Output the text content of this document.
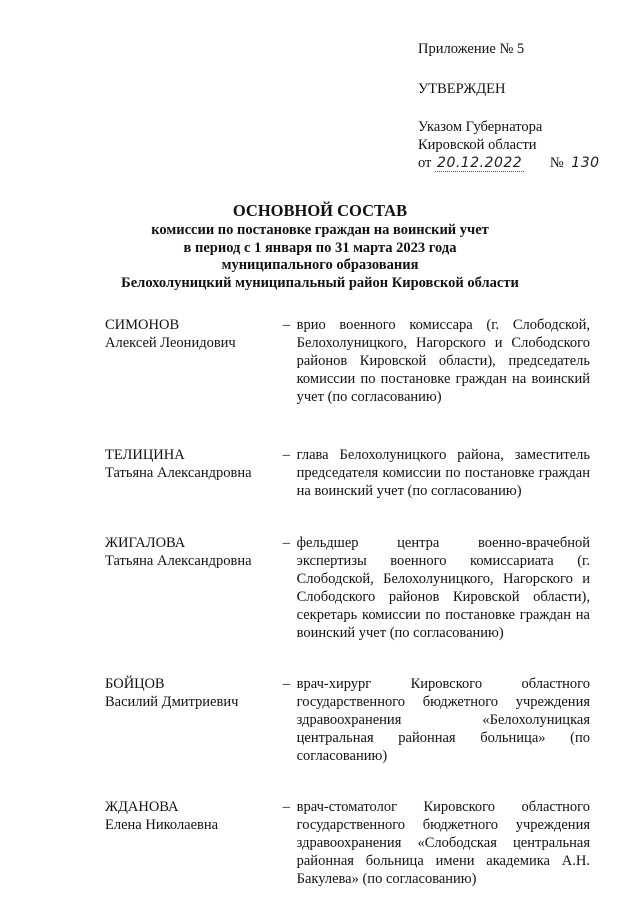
Приложение № 5
УТВЕРЖДЕН
Указом Губернатора
Кировской области
от 20.12.2022 № 130
ОСНОВНОЙ СОСТАВ
комиссии по постановке граждан на воинский учет
в период с 1 января по 31 марта 2023 года
муниципального образования
Белохолуницкий муниципальный район Кировской области
СИМОНОВ
Алексей Леонидович
– врио военного комиссара (г. Слободской, Белохолуницкого, Нагорского и Слободского районов Кировской области), председатель комиссии по постановке граждан на воинский учет (по согласованию)
ТЕЛИЦИНА
Татьяна Александровна
– глава Белохолуницкого района, заместитель председателя комиссии по постановке граждан на воинский учет (по согласованию)
ЖИГАЛОВА
Татьяна Александровна
– фельдшер центра военно-врачебной экспертизы военного комиссариата (г. Слободской, Белохолуницкого, Нагорского и Слободского районов Кировской области), секретарь комиссии по постановке граждан на воинский учет (по согласованию)
БОЙЦОВ
Василий Дмитриевич
– врач-хирург Кировского областного государственного бюджетного учреждения здравоохранения «Белохолуницкая центральная районная больница» (по согласованию)
ЖДАНОВА
Елена Николаевна
– врач-стоматолог Кировского областного государственного бюджетного учреждения здравоохранения «Слободская центральная районная больница имени академика А.Н. Бакулева» (по согласованию)
